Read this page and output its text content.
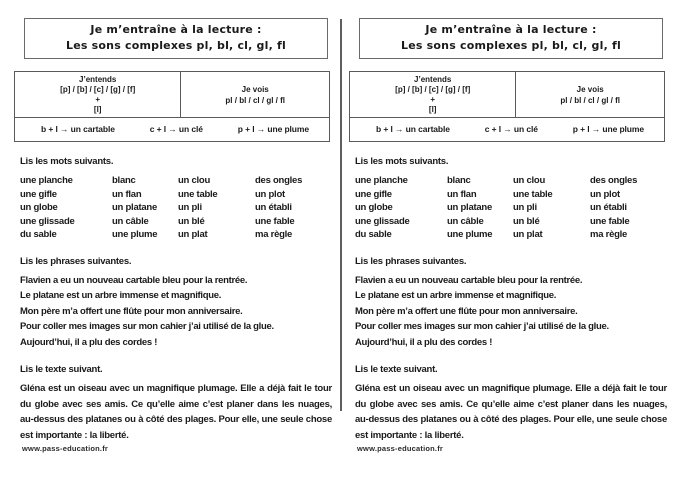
Je m’entraîne à la lecture :
Les sons complexes pl, bl, cl, gl, fl
J’entends
[p] / [b] / [c] / [g] / [f]
+
[l]
Je vois
pl / bl / cl / gl / fl
b + l → un cartable	c + l → un clé	p + l → une plume
Lis les mots suivants.
une planche	blanc	un clou	des ongles
une gifle	un flan	une table	un plot
un globe	un platane	un pli	un établi
une glissade	un câble	un blé	une fable
du sable	une plume	un plat	ma règle
Lis les phrases suivantes.
Flavien a eu un nouveau cartable bleu pour la rentrée.
Le platane est un arbre immense et magnifique.
Mon père m’a offert une flûte pour mon anniversaire.
Pour coller mes images sur mon cahier j’ai utilisé de la glue.
Aujourd’hui, il a plu des cordes !
Lis le texte suivant.

Gléna est un oiseau avec un magnifique plumage. Elle a déjà fait le tour du globe avec ses amis. Ce qu’elle aime c’est planer dans les nuages, au-dessus des platanes ou à côté des plages. Pour elle, une seule chose est importante : la liberté.

www.pass-education.fr
Je m’entraîne à la lecture :
Les sons complexes pl, bl, cl, gl, fl
J’entends
[p] / [b] / [c] / [g] / [f]
+
[l]
Je vois
pl / bl / cl / gl / fl
b + l → un cartable	c + l → un clé	p + l → une plume
Lis les mots suivants.
une planche	blanc	un clou	des ongles
une gifle	un flan	une table	un plot
un globe	un platane	un pli	un établi
une glissade	un câble	un blé	une fable
du sable	une plume	un plat	ma règle
Lis les phrases suivantes.
Flavien a eu un nouveau cartable bleu pour la rentrée.
Le platane est un arbre immense et magnifique.
Mon père m’a offert une flûte pour mon anniversaire.
Pour coller mes images sur mon cahier j’ai utilisé de la glue.
Aujourd’hui, il a plu des cordes !
Lis le texte suivant.

Gléna est un oiseau avec un magnifique plumage. Elle a déjà fait le tour du globe avec ses amis. Ce qu’elle aime c’est planer dans les nuages, au-dessus des platanes ou à côté des plages. Pour elle, une seule chose est importante : la liberté.

www.pass-education.fr
